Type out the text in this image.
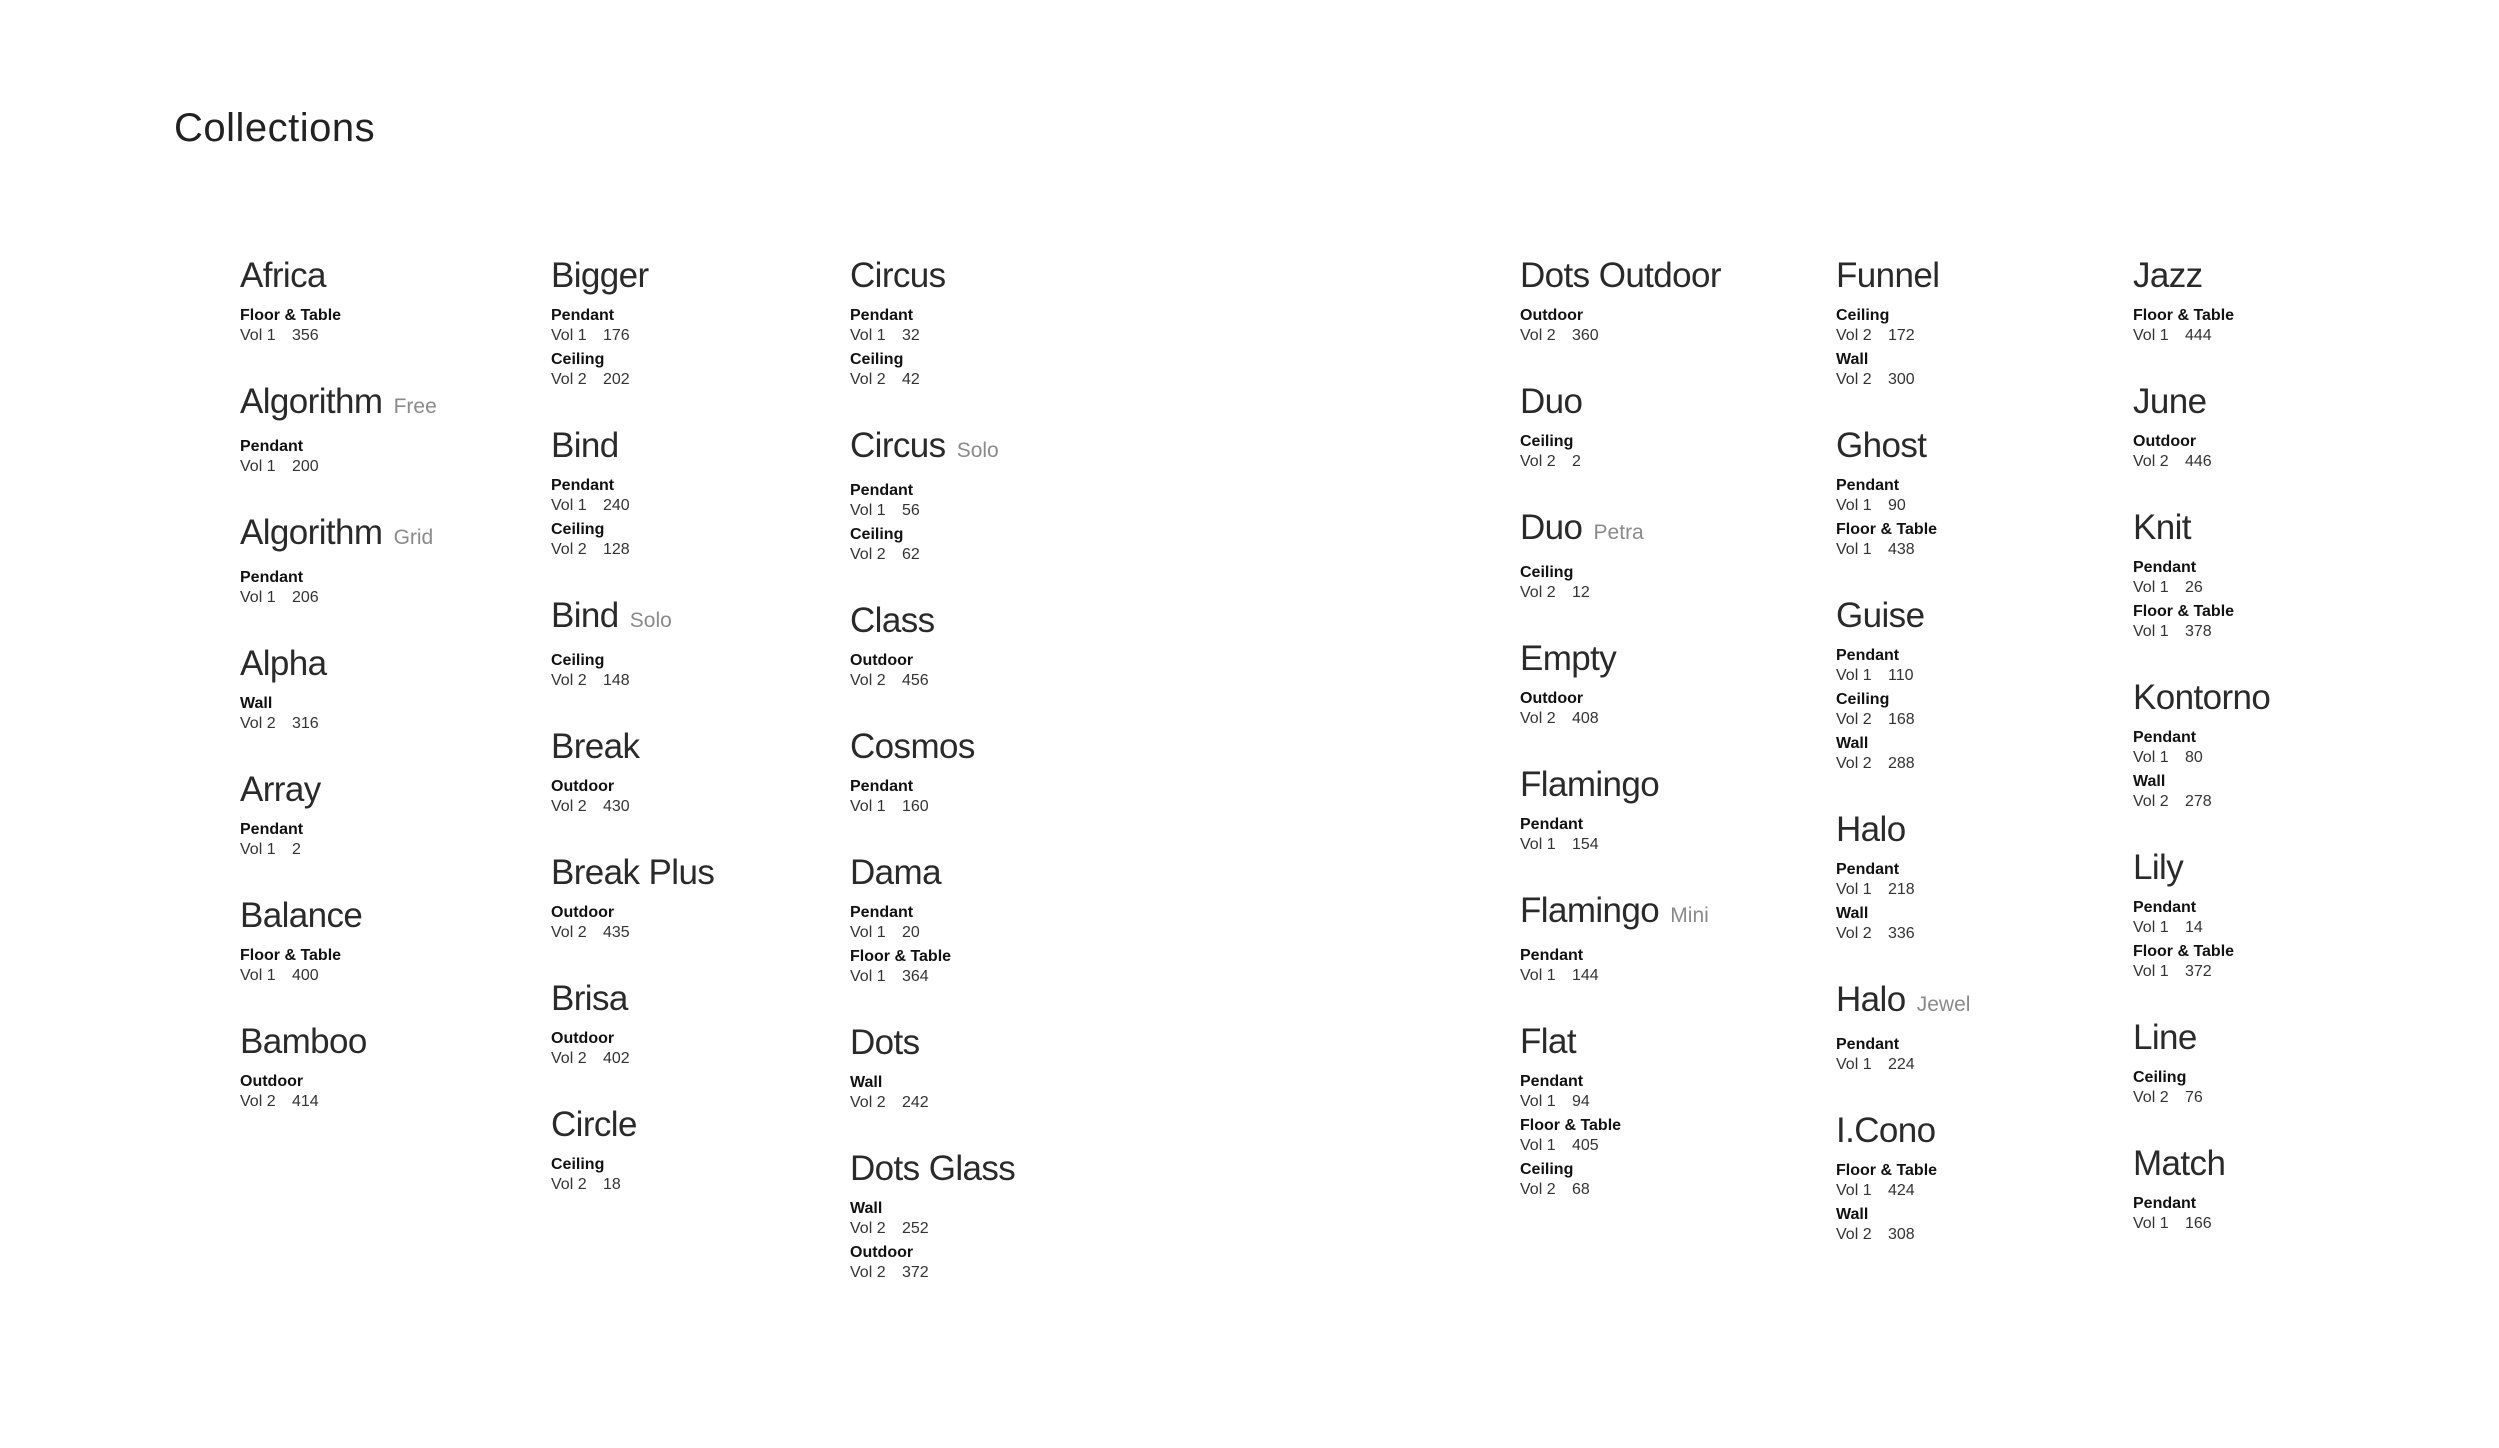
Collections
Africa
Floor & Table
Vol 1 356
Algorithm Free
Pendant
Vol 1 200
Algorithm Grid
Pendant
Vol 1 206
Alpha
Wall
Vol 2 316
Array
Pendant
Vol 1 2
Balance
Floor & Table
Vol 1 400
Bamboo
Outdoor
Vol 2 414
Bigger
Pendant
Vol 1 176
Ceiling
Vol 2 202
Bind
Pendant
Vol 1 240
Ceiling
Vol 2 128
Bind Solo
Ceiling
Vol 2 148
Break
Outdoor
Vol 2 430
Break Plus
Outdoor
Vol 2 435
Brisa
Outdoor
Vol 2 402
Circle
Ceiling
Vol 2 18
Circus
Pendant
Vol 1 32
Ceiling
Vol 2 42
Circus Solo
Pendant
Vol 1 56
Ceiling
Vol 2 62
Class
Outdoor
Vol 2 456
Cosmos
Pendant
Vol 1 160
Dama
Pendant
Vol 1 20
Floor & Table
Vol 1 364
Dots
Wall
Vol 2 242
Dots Glass
Wall
Vol 2 252
Outdoor
Vol 2 372
Dots Outdoor
Outdoor
Vol 2 360
Duo
Ceiling
Vol 2 2
Duo Petra
Ceiling
Vol 2 12
Empty
Outdoor
Vol 2 408
Flamingo
Pendant
Vol 1 154
Flamingo Mini
Pendant
Vol 1 144
Flat
Pendant
Vol 1 94
Floor & Table
Vol 1 405
Ceiling
Vol 2 68
Funnel
Ceiling
Vol 2 172
Wall
Vol 2 300
Ghost
Pendant
Vol 1 90
Floor & Table
Vol 1 438
Guise
Pendant
Vol 1 110
Ceiling
Vol 2 168
Wall
Vol 2 288
Halo
Pendant
Vol 1 218
Wall
Vol 2 336
Halo Jewel
Pendant
Vol 1 224
I.Cono
Floor & Table
Vol 1 424
Wall
Vol 2 308
Jazz
Floor & Table
Vol 1 444
June
Outdoor
Vol 2 446
Knit
Pendant
Vol 1 26
Floor & Table
Vol 1 378
Kontorno
Pendant
Vol 1 80
Wall
Vol 2 278
Lily
Pendant
Vol 1 14
Floor & Table
Vol 1 372
Line
Ceiling
Vol 2 76
Match
Pendant
Vol 1 166
